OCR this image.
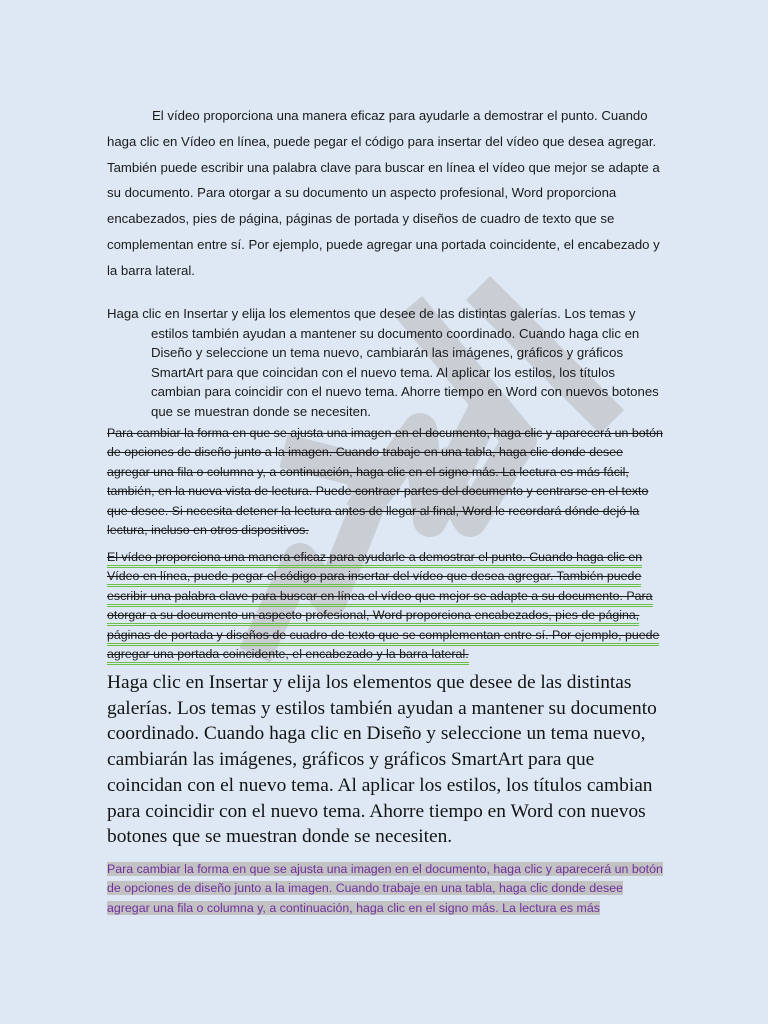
El vídeo proporciona una manera eficaz para ayudarle a demostrar el punto. Cuando haga clic en Vídeo en línea, puede pegar el código para insertar del vídeo que desea agregar. También puede escribir una palabra clave para buscar en línea el vídeo que mejor se adapte a su documento. Para otorgar a su documento un aspecto profesional, Word proporciona encabezados, pies de página, páginas de portada y diseños de cuadro de texto que se complementan entre sí. Por ejemplo, puede agregar una portada coincidente, el encabezado y la barra lateral.

Haga clic en Insertar y elija los elementos que desee de las distintas galerías. Los temas y estilos también ayudan a mantener su documento coordinado. Cuando haga clic en Diseño y seleccione un tema nuevo, cambiarán las imágenes, gráficos y gráficos SmartArt para que coincidan con el nuevo tema. Al aplicar los estilos, los títulos cambian para coincidir con el nuevo tema. Ahorre tiempo en Word con nuevos botones que se muestran donde se necesiten.

Para cambiar la forma en que se ajusta una imagen en el documento, haga clic y aparecerá un botón de opciones de diseño junto a la imagen. Cuando trabaje en una tabla, haga clic donde desee agregar una fila o columna y, a continuación, haga clic en el signo más. La lectura es más fácil, también, en la nueva vista de lectura. Puede contraer partes del documento y centrarse en el texto que desee. Si necesita detener la lectura antes de llegar al final, Word le recordará dónde dejó la lectura, incluso en otros dispositivos.

El vídeo proporciona una manera eficaz para ayudarle a demostrar el punto. Cuando haga clic en Vídeo en línea, puede pegar el código para insertar del vídeo que desea agregar. También puede escribir una palabra clave para buscar en línea el vídeo que mejor se adapte a su documento. Para otorgar a su documento un aspecto profesional, Word proporciona encabezados, pies de página, páginas de portada y diseños de cuadro de texto que se complementan entre sí. Por ejemplo, puede agregar una portada coincidente, el encabezado y la barra lateral.

Haga clic en Insertar y elija los elementos que desee de las distintas galerías. Los temas y estilos también ayudan a mantener su documento coordinado. Cuando haga clic en Diseño y seleccione un tema nuevo, cambiarán las imágenes, gráficos y gráficos SmartArt para que coincidan con el nuevo tema. Al aplicar los estilos, los títulos cambian para coincidir con el nuevo tema. Ahorre tiempo en Word con nuevos botones que se muestran donde se necesiten.

Para cambiar la forma en que se ajusta una imagen en el documento, haga clic y aparecerá un botón de opciones de diseño junto a la imagen. Cuando trabaje en una tabla, haga clic donde desee agregar una fila o columna y, a continuación, haga clic en el signo más. La lectura es más
